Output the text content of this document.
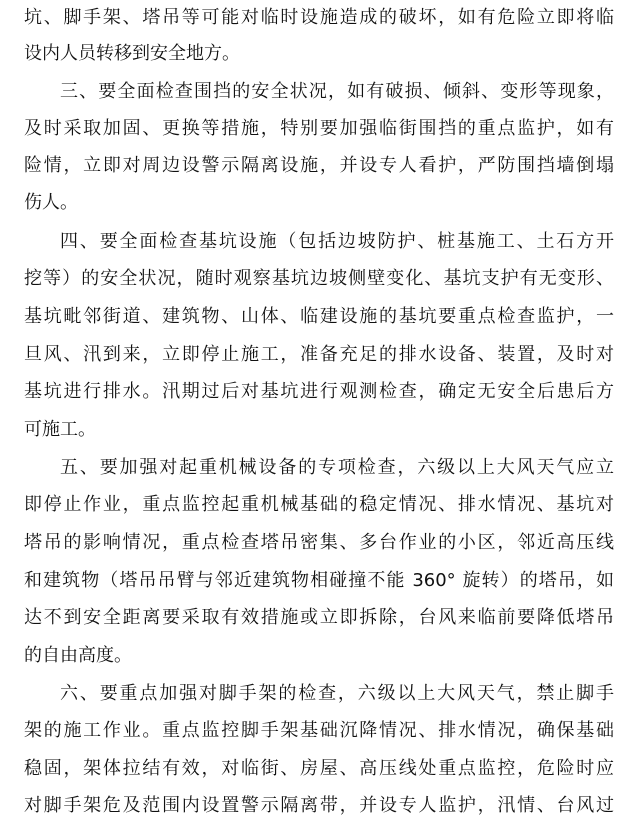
坑、脚手架、塔吊等可能对临时设施造成的破坏，如有危险立即将临
设内人员转移到安全地方。
三、要全面检查围挡的安全状况，如有破损、倾斜、变形等现象，
及时采取加固、更换等措施，特别要加强临街围挡的重点监护，如有
险情，立即对周边设警示隔离设施，并设专人看护，严防围挡墙倒塌
伤人。
四、要全面检查基坑设施（包括边坡防护、桩基施工、土石方开
挖等）的安全状况，随时观察基坑边坡侧壁变化、基坑支护有无变形、
基坑毗邻街道、建筑物、山体、临建设施的基坑要重点检查监护，一
旦风、汛到来，立即停止施工，准备充足的排水设备、装置，及时对
基坑进行排水。汛期过后对基坑进行观测检查，确定无安全后患后方
可施工。
五、要加强对起重机械设备的专项检查，六级以上大风天气应立
即停止作业，重点监控起重机械基础的稳定情况、排水情况、基坑对
塔吊的影响情况，重点检查塔吊密集、多台作业的小区，邻近高压线
和建筑物（塔吊吊臂与邻近建筑物相碰撞不能 360° 旋转）的塔吊，如
达不到安全距离要采取有效措施或立即拆除，台风来临前要降低塔吊
的自由高度。
六、要重点加强对脚手架的检查，六级以上大风天气，禁止脚手
架的施工作业。重点监控脚手架基础沉降情况、排水情况，确保基础
稳固，架体拉结有效，对临街、房屋、高压线处重点监控，危险时应
对脚手架危及范围内设置警示隔离带，并设专人监护，汛情、台风过
